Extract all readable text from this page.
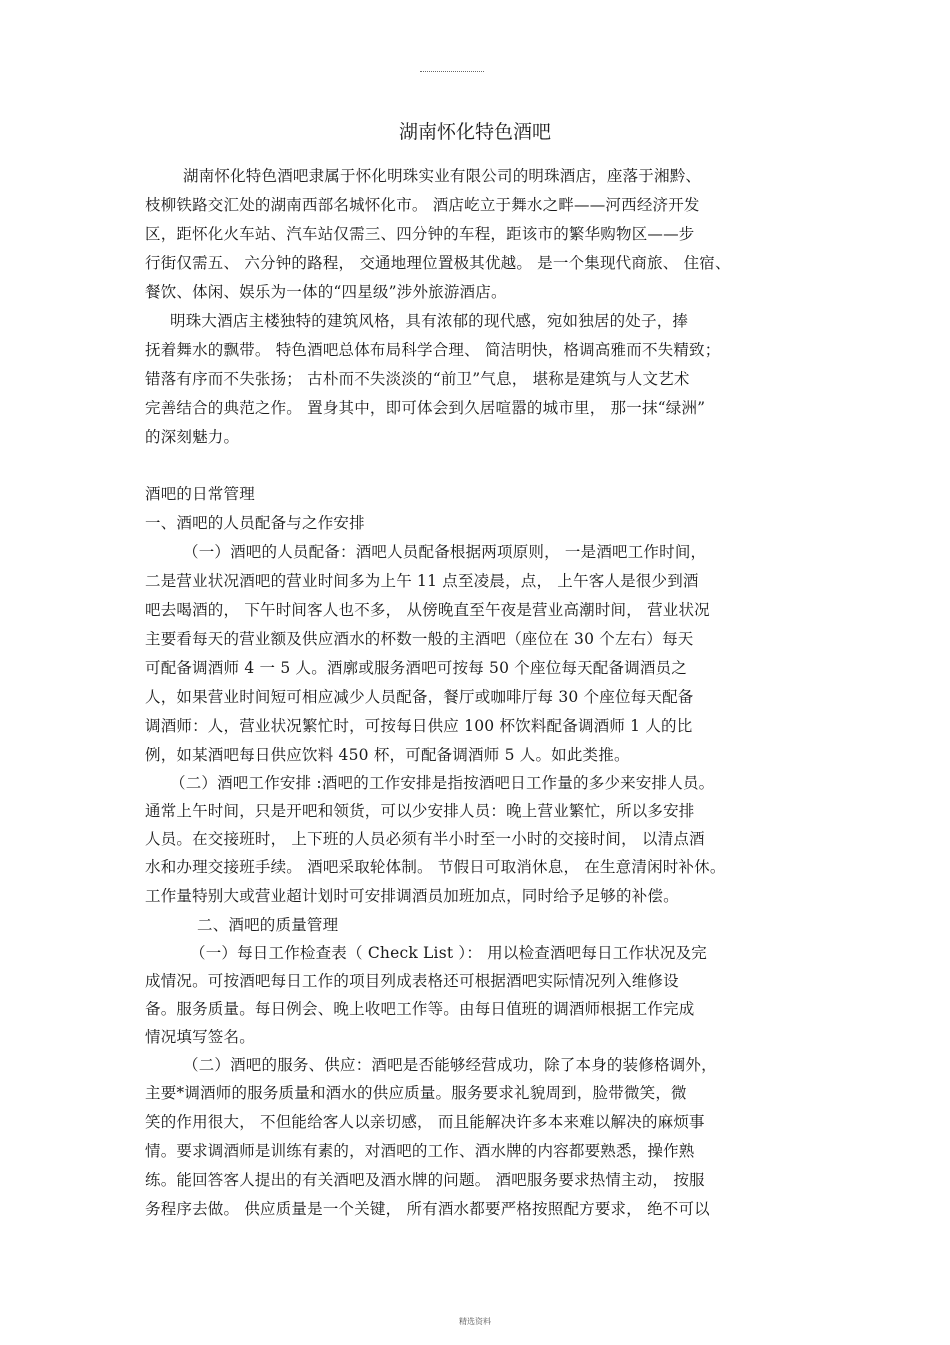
湖南怀化特色酒吧
湖南怀化特色酒吧隶属于怀化明珠实业有限公司的明珠酒店，座落于湘黔、
枝柳铁路交汇处的湖南西部名城怀化市。 酒店屹立于舞水之畔——河西经济开发
区，距怀化火车站、汽车站仅需三、四分钟的车程，距该市的繁华购物区——步
行街仅需五、 六分钟的路程， 交通地理位置极其优越。 是一个集现代商旅、 住宿、
餐饮、体闲、娱乐为一体的“四星级”涉外旅游酒店。
明珠大酒店主楼独特的建筑风格，具有浓郁的现代感，宛如独居的处子，捧
抚着舞水的飘带。 特色酒吧总体布局科学合理、 简洁明快，格调高雅而不失精致；
错落有序而不失张扬； 古朴而不失淡淡的“前卫”气息， 堪称是建筑与人文艺术
完善结合的典范之作。 置身其中，即可体会到久居喧嚣的城市里， 那一抹“绿洲”
的深刻魅力。
酒吧的日常管理
一、酒吧的人员配备与之作安排
（一）酒吧的人员配备：酒吧人员配备根据两项原则， 一是酒吧工作时间，
二是营业状况酒吧的营业时间多为上午 11 点至凌晨，点， 上午客人是很少到酒
吧去喝酒的， 下午时间客人也不多， 从傍晚直至午夜是营业高潮时间， 营业状况
主要看每天的营业额及供应酒水的杯数一般的主酒吧（座位在 30 个左右）每天
可配备调酒师 4 一 5 人。酒廓或服务酒吧可按每 50 个座位每天配备调酒员之
人，如果营业时间短可相应减少人员配备，餐厅或咖啡厅每 30 个座位每天配备
调酒师：人，营业状况繁忙时，可按每日供应 100 杯饮料配备调酒师 1 人的比
例，如某酒吧每日供应饮料 450 杯，可配备调酒师 5 人。如此类推。
（二）酒吧工作安排 :酒吧的工作安排是指按酒吧日工作量的多少来安排人员。
通常上午时间，只是开吧和领货，可以少安排人员：晚上营业繁忙，所以多安排
人员。在交接班时， 上下班的人员必须有半小时至一小时的交接时间， 以清点酒
水和办理交接班手续。 酒吧采取轮体制。 节假日可取消休息， 在生意清闲时补休。
工作量特别大或营业超计划时可安排调酒员加班加点，同时给予足够的补偿。
二、酒吧的质量管理
（一）每日工作检查表（ Check List ）： 用以检查酒吧每日工作状况及完
成情况。可按酒吧每日工作的项目列成表格还可根据酒吧实际情况列入维修设
备。服务质量。每日例会、晚上收吧工作等。由每日值班的调酒师根据工作完成
情况填写签名。
（二）酒吧的服务、供应：酒吧是否能够经营成功，除了本身的装修格调外，
主要*调酒师的服务质量和酒水的供应质量。服务要求礼貌周到，脸带微笑，微
笑的作用很大， 不但能给客人以亲切感， 而且能解决许多本来难以解决的麻烦事
情。要求调酒师是训练有素的，对酒吧的工作、酒水牌的内容都要熟悉，操作熟
练。能回答客人提出的有关酒吧及酒水牌的问题。 酒吧服务要求热情主动， 按服
务程序去做。 供应质量是一个关键， 所有酒水都要严格按照配方要求， 绝不可以
精选资料
